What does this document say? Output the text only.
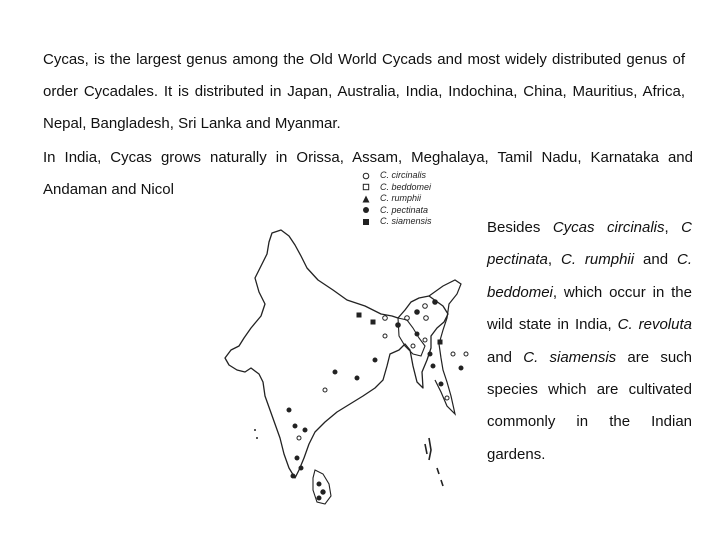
Cycas, is the largest genus among the Old World Cycads and most widely distributed genus of order Cycadales. It is distributed in Japan, Australia, India, Indochina, China, Mauritius, Africa, Nepal, Bangladesh, Sri Lanka and Myanmar.

In India, Cycas grows naturally in Orissa, Assam, Meghalaya, Tamil Nadu, Karnataka and Andaman and Nicol

C. circinalis
C. beddomei
C. rumphii
C. pectinata
C. siamensis	Besides Cycas circinalis, C pectinata, C. rumphii and C. beddomei, which occur in the wild state in India, C. revoluta and C. siamensis are such species which are cultivated commonly in the Indian gardens.
